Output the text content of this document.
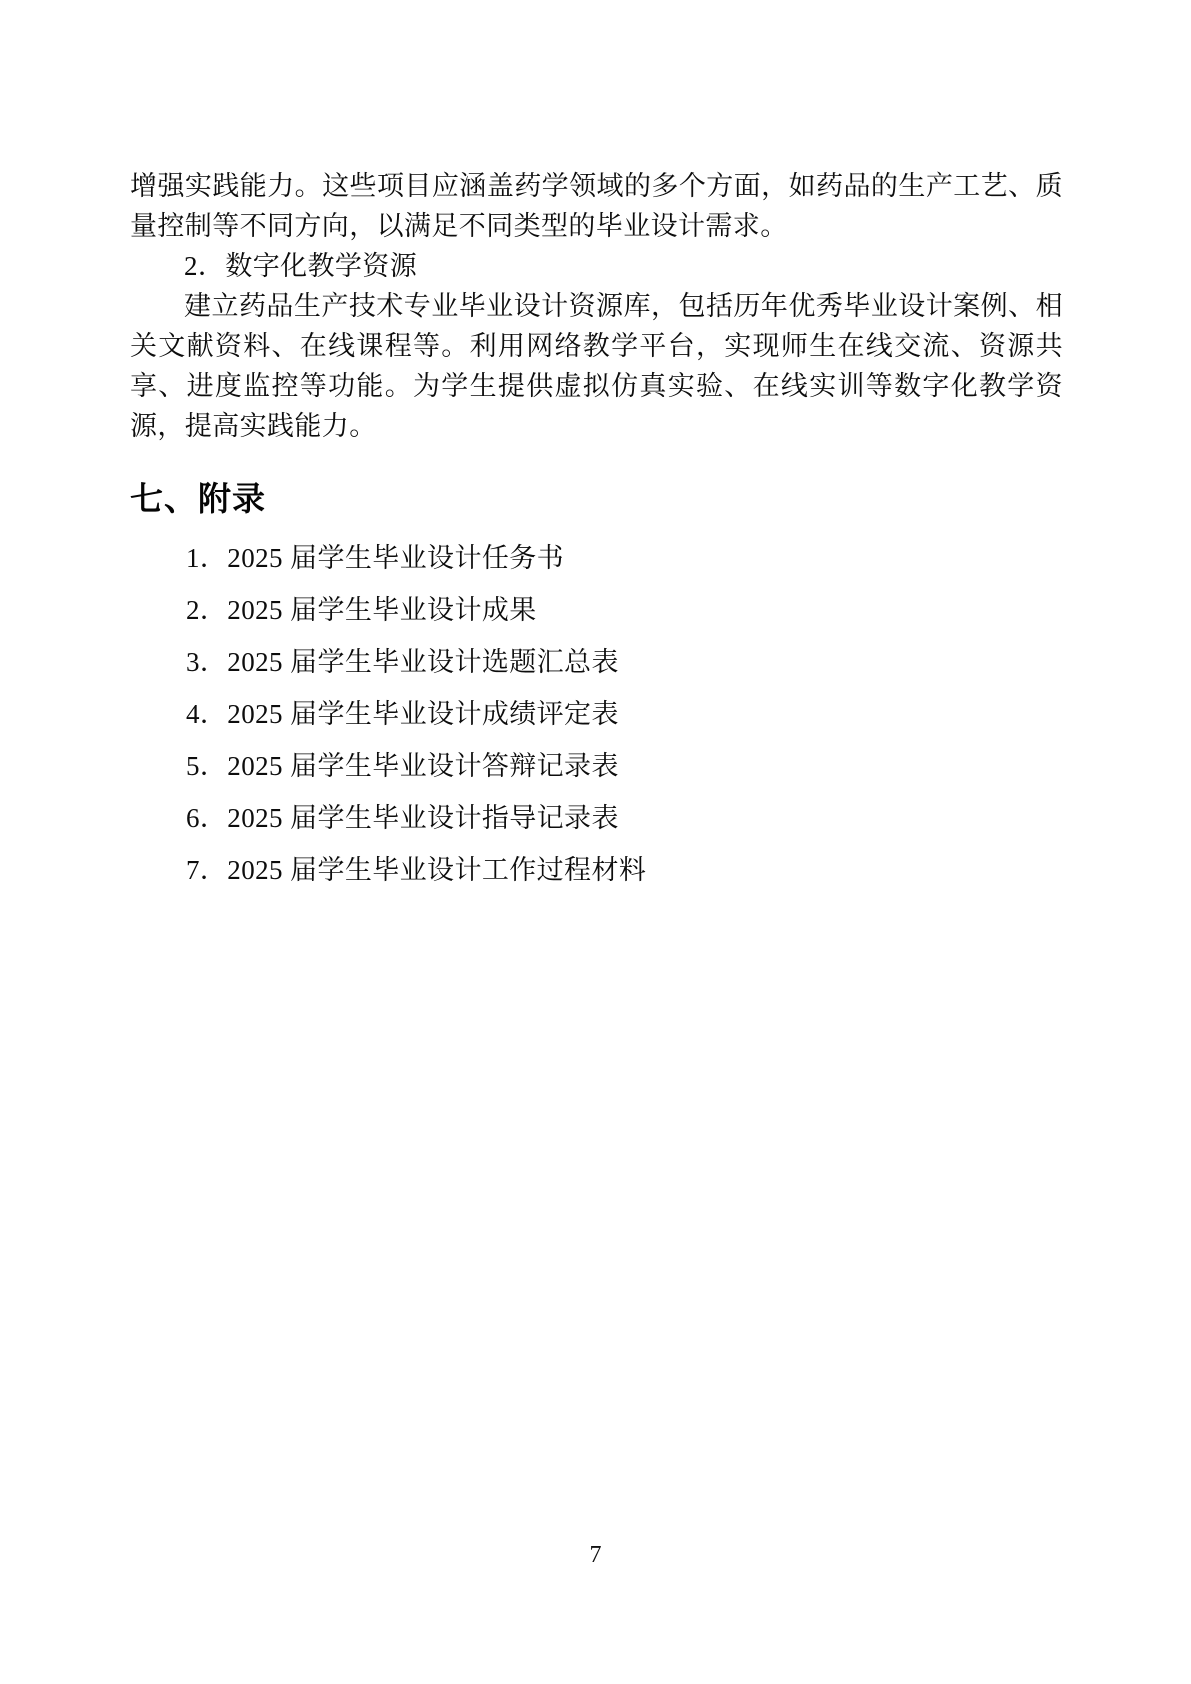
增强实践能力。这些项目应涵盖药学领域的多个方面，如药品的生产工艺、质量控制等不同方向，以满足不同类型的毕业设计需求。

2．数字化教学资源

建立药品生产技术专业毕业设计资源库，包括历年优秀毕业设计案例、相关文献资料、在线课程等。利用网络教学平台，实现师生在线交流、资源共享、进度监控等功能。为学生提供虚拟仿真实验、在线实训等数字化教学资源，提高实践能力。

七、附录

1．2025 届学生毕业设计任务书

2．2025 届学生毕业设计成果

3．2025 届学生毕业设计选题汇总表

4．2025 届学生毕业设计成绩评定表

5．2025 届学生毕业设计答辩记录表

6．2025 届学生毕业设计指导记录表

7．2025 届学生毕业设计工作过程材料

7
